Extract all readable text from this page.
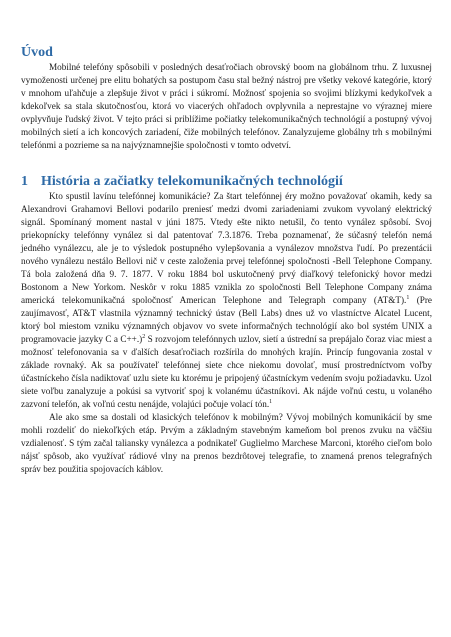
Úvod

Mobilné telefóny spôsobili v posledných desaťročiach obrovský boom na globálnom trhu. Z luxusnej vymoženosti určenej pre elitu bohatých sa postupom času stal bežný nástroj pre všetky vekové kategórie, ktorý v mnohom uľahčuje a zlepšuje život v práci i súkromí. Možnosť spojenia so svojimi blízkymi kedykoľvek a kdekoľvek sa stala skutočnosťou, ktorá vo viacerých ohľadoch ovplyvnila a neprestajne vo výraznej miere ovplyvňuje ľudský život. V tejto práci si priblížime počiatky telekomunikačných technológií a postupný vývoj mobilných sietí a ich koncových zariadení, čiže mobilných telefónov. Zanalyzujeme globálny trh s mobilnými telefónmi a pozrieme sa na najvýznamnejšie spoločnosti v tomto odvetví.

1 História a začiatky telekomunikačných technológií

Kto spustil lavínu telefónnej komunikácie? Za štart telefónnej éry možno považovať okamih, kedy sa Alexandrovi Grahamovi Bellovi podarilo preniesť medzi dvomi zariadeniami zvukom vyvolaný elektrický signál. Spomínaný moment nastal v júni 1875. Vtedy ešte nikto netušil, čo tento vynález spôsobí. Svoj priekopnícky telefónny vynález si dal patentovať 7.3.1876. Treba poznamenať, že súčasný telefón nemá jedného vynálezcu, ale je to výsledok postupného vylepšovania a vynálezov množstva ľudí. Po prezentácii nového vynálezu nestálo Bellovi nič v ceste založenia prvej telefónnej spoločnosti -Bell Telephone Company. Tá bola založená dňa 9. 7. 1877. V roku 1884 bol uskutočnený prvý diaľkový telefonický hovor medzi Bostonom a New Yorkom. Neskôr v roku 1885 vznikla zo spoločnosti Bell Telephone Company známa americká telekomunikačná spoločnosť American Telephone and Telegraph company (AT&T).$^1$ (Pre zaujímavosť, AT&T vlastnila významný technický ústav (Bell Labs) dnes už vo vlastníctve Alcatel Lucent, ktorý bol miestom vzniku významných objavov vo svete informačných technológií ako bol systém UNIX a programovacie jazyky C a C++.)$^2$ S rozvojom telefónnych uzlov, sietí a ústrední sa prepájalo čoraz viac miest a možnosť telefonovania sa v ďalších desaťročiach rozšírila do mnohých krajín. Princíp fungovania zostal v základe rovnaký. Ak sa používateľ telefónnej siete chce niekomu dovolať, musí prostredníctvom voľby účastníckeho čísla nadiktovať uzlu siete ku ktorému je pripojený účastníckym vedením svoju požiadavku. Uzol siete voľbu zanalyzuje a pokúsi sa vytvoriť spoj k volanému účastníkovi. Ak nájde voľnú cestu, u volaného zazvoní telefón, ak voľnú cestu nenájde, volajúci počuje volací tón.$^1$

Ale ako sme sa dostali od klasických telefónov k mobilným? Vývoj mobilných komunikácií by sme mohli rozdeliť do niekoľkých etáp. Prvým a základným stavebným kameňom bol prenos zvuku na väčšiu vzdialenosť. S tým začal taliansky vynálezca a podnikateľ Guglielmo Marchese Marconi, ktorého cieľom bolo nájsť spôsob, ako využívať rádiové vlny na prenos bezdrôtovej telegrafie, to znamená prenos telegrafných správ bez použitia spojovacích káblov.
